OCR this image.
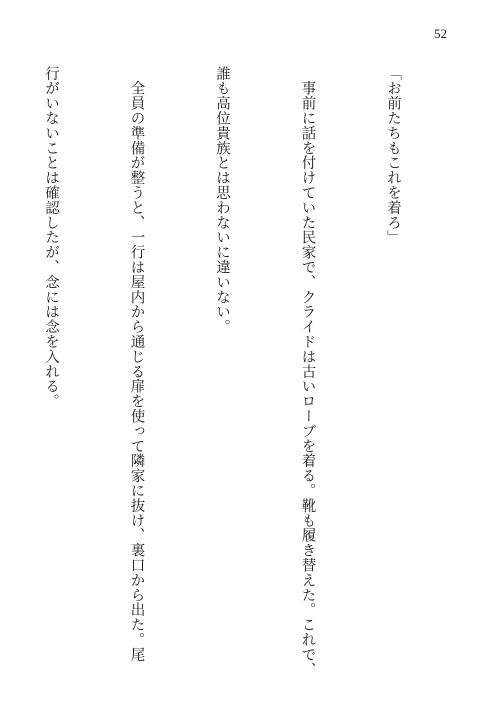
52

「お前たちもこれを着ろ」

　事前に話を付けていた民家で、クライドは古いローブを着る。靴も履き替えた。これで、

誰も高位貴族とは思わないに違いない。

　全員の準備が整うと、一行は屋内から通じる扉を使って隣家に抜け、裏口から出た。尾

行がいないことは確認したが、念には念を入れる。
